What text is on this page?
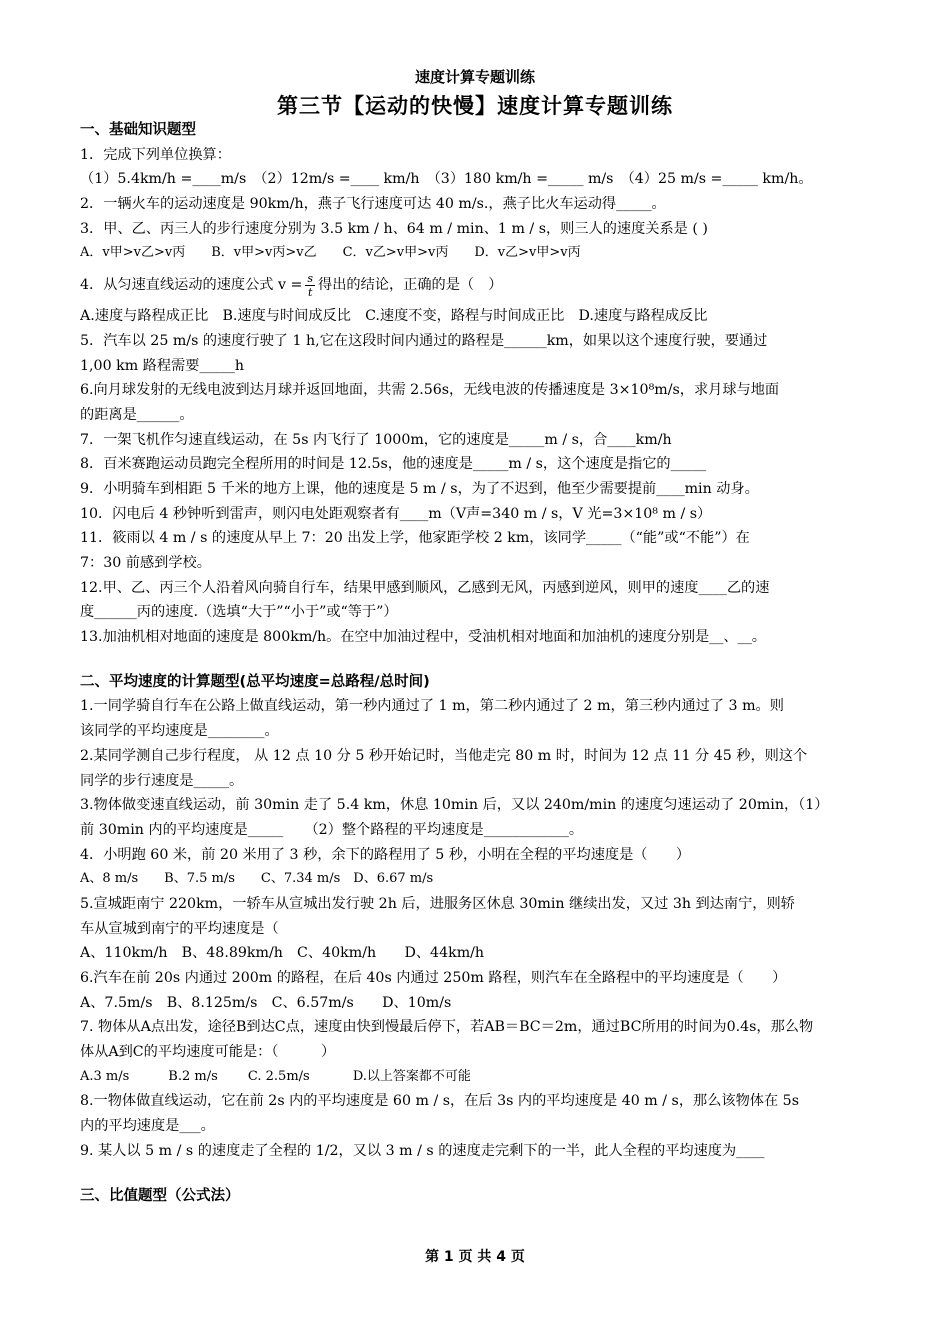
速度计算专题训练
第三节【运动的快慢】速度计算专题训练
一、基础知识题型
1．完成下列单位换算：
（1）5.4km/h =____m/s　（2）12m/s =____ km/h　（3）180 km/h =_____ m/s　（4）25 m/s =_____ km/h。
2．一辆火车的运动速度是 90km/h，燕子飞行速度可达 40 m/s.，燕子比火车运动得_____。
3．甲、乙、丙三人的步行速度分别为 3.5 km / h、64 m / min、1 m / s，则三人的速度关系是 ( )
A．v甲>v乙>v丙　　B．v甲>v丙>v乙　　C．v乙>v甲>v丙　　D．v乙>v甲>v丙
4．从匀速直线运动的速度公式 $v = \frac{s}{t}$ 得出的结论，正确的是（　）
A.速度与路程成正比　B.速度与时间成反比　C.速度不变，路程与时间成正比　D.速度与路程成反比
5．汽车以 25 m/s 的速度行驶了 1 h,它在这段时间内通过的路程是______km，如果以这个速度行驶，要通过
1,00 km 路程需要_____h
6.向月球发射的无线电波到达月球并返回地面，共需 2.56s，无线电波的传播速度是 3×10⁸m/s，求月球与地面
的距离是______。
7．一架飞机作匀速直线运动，在 5s 内飞行了 1000m，它的速度是_____m / s，合____km/h
8．百米赛跑运动员跑完全程所用的时间是 12.5s，他的速度是_____m / s，这个速度是指它的_____
9．小明骑车到相距 5 千米的地方上课，他的速度是 5 m / s，为了不迟到，他至少需要提前____min 动身。
10．闪电后 4 秒钟听到雷声，则闪电处距观察者有____m（V声=340 m / s，V 光=3×10⁸ m / s）
11．筱雨以 4 m / s 的速度从早上 7：20 出发上学，他家距学校 2 km，该同学_____（“能”或“不能”）在
7：30 前感到学校。
12.甲、乙、丙三个人沿着风向骑自行车，结果甲感到顺风，乙感到无风，丙感到逆风，则甲的速度____乙的速
度______丙的速度.（选填“大于”“小于”或“等于”）
13.加油机相对地面的速度是 800km/h。在空中加油过程中，受油机相对地面和加油机的速度分别是__、__。
二、平均速度的计算题型(总平均速度=总路程/总时间)
1.一同学骑自行车在公路上做直线运动，第一秒内通过了 1 m，第二秒内通过了 2 m，第三秒内通过了 3 m。则
该同学的平均速度是________。
2.某同学测自己步行程度， 从 12 点 10 分 5 秒开始记时，当他走完 80 m 时，时间为 12 点 11 分 45 秒，则这个
同学的步行速度是_____。
3.物体做变速直线运动，前 30min 走了 5.4 km，休息 10min 后，又以 240m/min 的速度匀速运动了 20min，（1）
前 30min 内的平均速度是_____　　（2）整个路程的平均速度是____________。
4．小明跑 60 米，前 20 米用了 3 秒，余下的路程用了 5 秒，小明在全程的平均速度是（　　）
A、8 m/s　　B、7.5 m/s　　C、7.34 m/s　D、6.67 m/s
5.宣城距南宁 220km，一轿车从宣城出发行驶 2h 后，进服务区休息 30min 继续出发，又过 3h 到达南宁，则轿
车从宣城到南宁的平均速度是（
A、110km/h　B、48.89km/h　C、40km/h　　D、44km/h
6.汽车在前 20s 内通过 200m 的路程，在后 40s 内通过 250m 路程，则汽车在全路程中的平均速度是（　　）
A、7.5m/s　B、8.125m/s　C、6.57m/s　　D、10m/s
7. 物体从A点出发，途径B到达C点，速度由快到慢最后停下，若AB＝BC＝2m，通过BC所用的时间为0.4s，那么物
体从A到C的平均速度可能是：（　　　）
A.3 m/s　　　B.2 m/s　　 C. 2.5m/s　　　 D.以上答案都不可能
8.一物体做直线运动，它在前 2s 内的平均速度是 60 m / s，在后 3s 内的平均速度是 40 m / s，那么该物体在 5s
内的平均速度是___。
9. 某人以 5 m / s 的速度走了全程的 1/2，又以 3 m / s 的速度走完剩下的一半，此人全程的平均速度为____
三、比值题型（公式法）
第 1 页 共 4 页
